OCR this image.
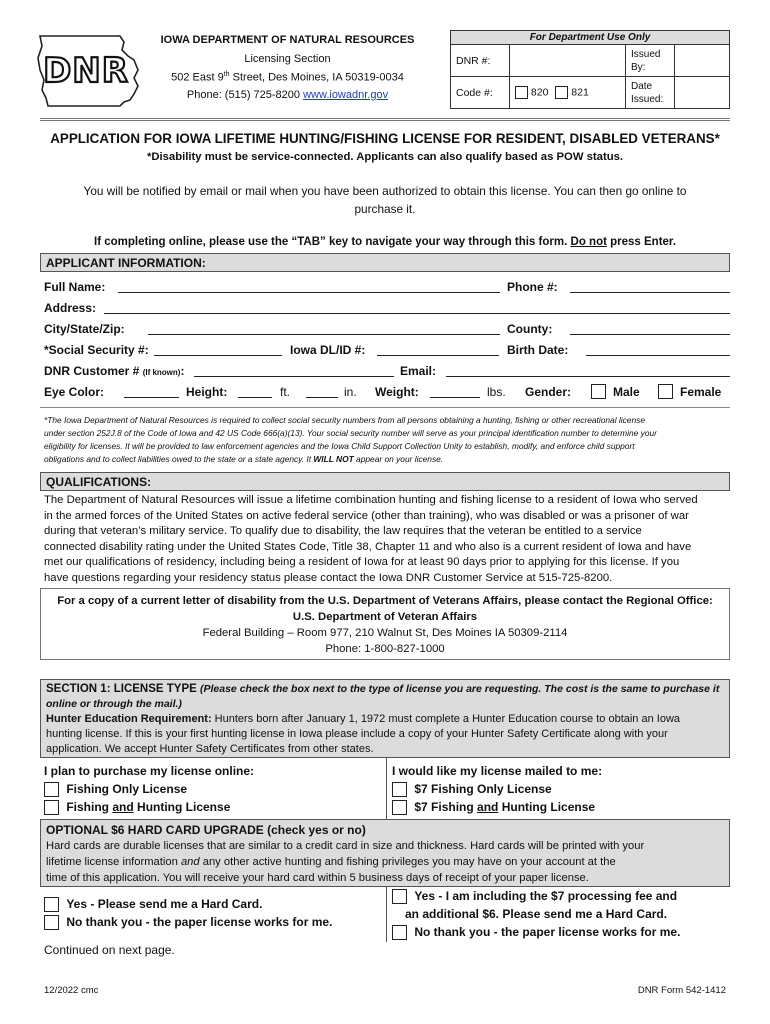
DNR
IOWA DEPARTMENT OF NATURAL RESOURCES
Licensing Section
502 East 9th Street, Des Moines, IA 50319-0034
Phone: (515) 725-8200 www.iowadnr.gov
For Department Use Only			
DNR #:		Issued By:	
Code #:	820 821	Date Issued:	
APPLICATION FOR IOWA LIFETIME HUNTING/FISHING LICENSE FOR RESIDENT, DISABLED VETERANS*
*Disability must be service-connected. Applicants can also qualify based as POW status.
You will be notified by email or mail when you have been authorized to obtain this license. You can then go online to
purchase it.
If completing online, please use the “TAB” key to navigate your way through this form. Do not press Enter.
APPLICANT INFORMATION:
Full Name:	Phone #:
Address:
City/State/Zip:	County:
*Social Security #:	Iowa DL/ID #:	Birth Date:
DNR Customer # (If known):	Email:
Eye Color:	Height:	ft.	in. Weight:	lbs. Gender:	Male	Female
*The Iowa Department of Natural Resources is required to collect social security numbers from all persons obtaining a hunting, fishing or other recreational license
under section 252J.8 of the Code of Iowa and 42 US Code 666(a)(13). Your social security number will serve as your principal identification number to determine your
eligibility for licenses. It will be provided to law enforcement agencies and the Iowa Child Support Collection Unity to establish, modify, and enforce child support
obligations and to collect liabilities owed to the state or a state agency. It WILL NOT appear on your license.
QUALIFICATIONS:
The Department of Natural Resources will issue a lifetime combination hunting and fishing license to a resident of Iowa who served
in the armed forces of the United States on active federal service (other than training), who was disabled or was a prisoner of war
during that veteran’s military service. To qualify due to disability, the law requires that the veteran be entitled to a service
connected disability rating under the United States Code, Title 38, Chapter 11 and who also is a current resident of Iowa and have
met our qualifications of residency, including being a resident of Iowa for at least 90 days prior to applying for this license. If you
have questions regarding your residency status please contact the Iowa DNR Customer Service at 515-725-8200.
For a copy of a current letter of disability from the U.S. Department of Veterans Affairs, please contact the Regional Office:
U.S. Department of Veteran Affairs
Federal Building – Room 977, 210 Walnut St, Des Moines IA 50309-2114
Phone: 1-800-827-1000
SECTION 1: LICENSE TYPE (Please check the box next to the type of license you are requesting. The cost is the same to purchase it
online or through the mail.)
Hunter Education Requirement: Hunters born after January 1, 1972 must complete a Hunter Education course to obtain an Iowa
hunting license. If this is your first hunting license in Iowa please include a copy of your Hunter Safety Certificate along with your
application. We accept Hunter Safety Certificates from other states.
I plan to purchase my license online:
Fishing Only License
Fishing and Hunting License
I would like my license mailed to me:
$7 Fishing Only License
$7 Fishing and Hunting License
OPTIONAL $6 HARD CARD UPGRADE (check yes or no)
Hard cards are durable licenses that are similar to a credit card in size and thickness. Hard cards will be printed with your
lifetime license information and any other active hunting and fishing privileges you may have on your account at the
time of this application. You will receive your hard card within 5 business days of receipt of your paper license.
Yes - Please send me a Hard Card.
No thank you - the paper license works for me.
Yes - I am including the $7 processing fee and
an additional $6. Please send me a Hard Card.
No thank you - the paper license works for me.
Continued on next page.
12/2022 cmc	DNR Form 542-1412
